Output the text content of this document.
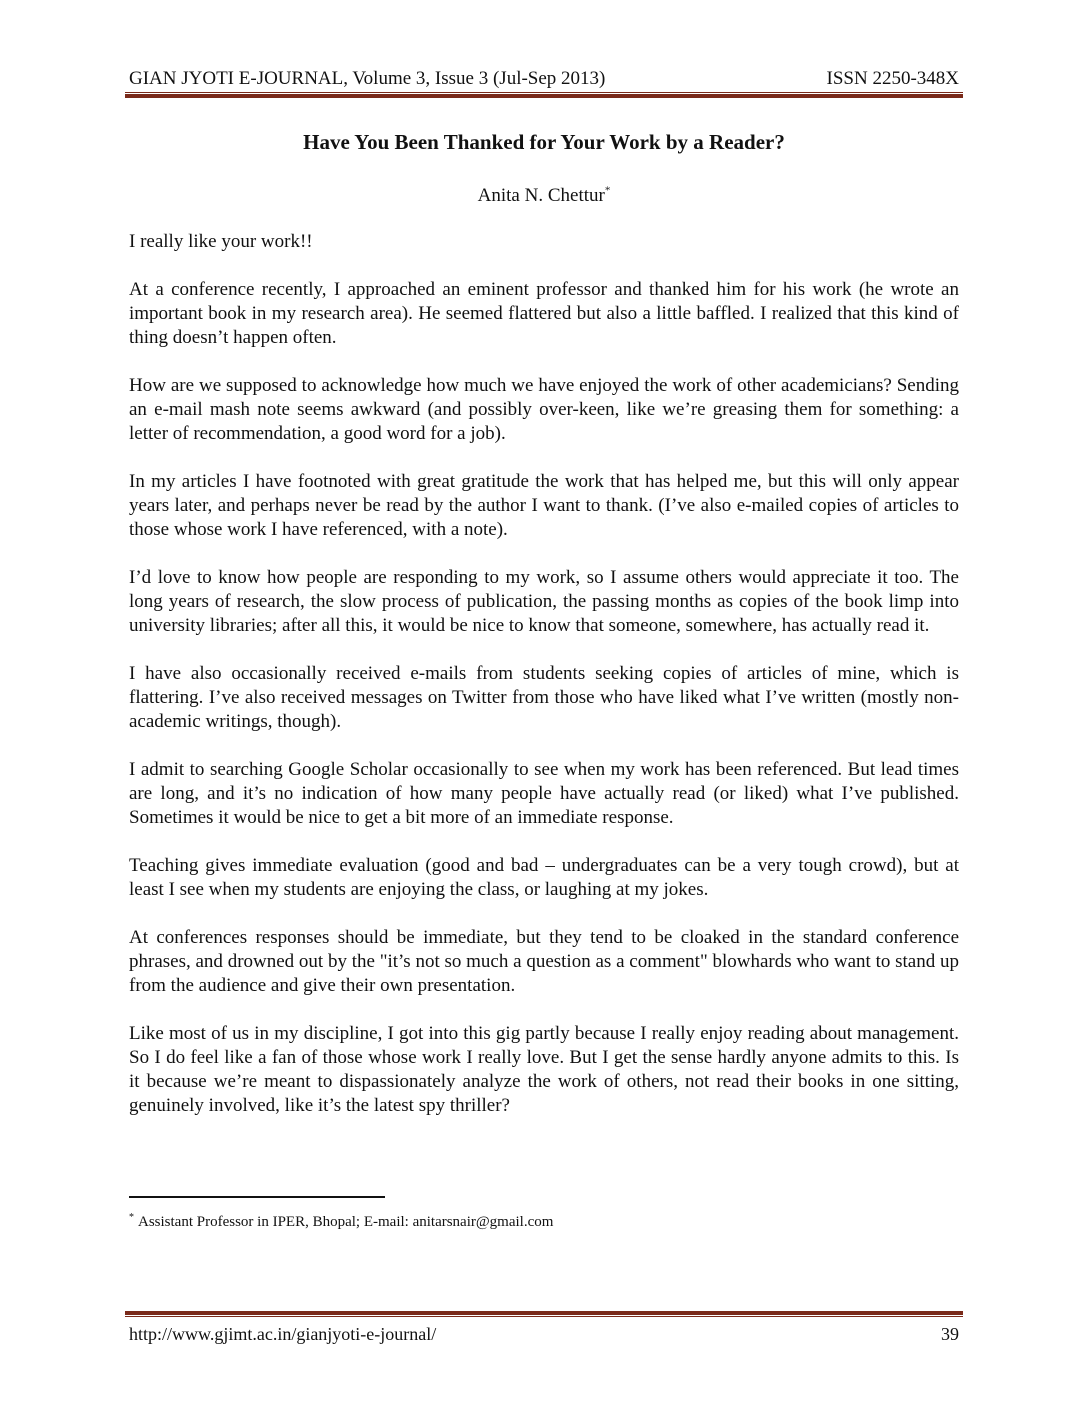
GIAN JYOTI E-JOURNAL, Volume 3, Issue 3 (Jul-Sep 2013)	ISSN 2250-348X
Have You Been Thanked for Your Work by a Reader?
Anita N. Chettur*

I really like your work!!

At a conference recently, I approached an eminent professor and thanked him for his work (he wrote an important book in my research area). He seemed flattered but also a little baffled. I realized that this kind of thing doesn’t happen often.

How are we supposed to acknowledge how much we have enjoyed the work of other academicians? Sending an e-mail mash note seems awkward (and possibly over-keen, like we’re greasing them for something: a letter of recommendation, a good word for a job).

In my articles I have footnoted with great gratitude the work that has helped me, but this will only appear years later, and perhaps never be read by the author I want to thank. (I’ve also e-mailed copies of articles to those whose work I have referenced, with a note).

I’d love to know how people are responding to my work, so I assume others would appreciate it too. The long years of research, the slow process of publication, the passing months as copies of the book limp into university libraries; after all this, it would be nice to know that someone, somewhere, has actually read it.

I have also occasionally received e-mails from students seeking copies of articles of mine, which is flattering. I’ve also received messages on Twitter from those who have liked what I’ve written (mostly non-academic writings, though).

I admit to searching Google Scholar occasionally to see when my work has been referenced. But lead times are long, and it’s no indication of how many people have actually read (or liked) what I’ve published. Sometimes it would be nice to get a bit more of an immediate response.

Teaching gives immediate evaluation (good and bad – undergraduates can be a very tough crowd), but at least I see when my students are enjoying the class, or laughing at my jokes.

At conferences responses should be immediate, but they tend to be cloaked in the standard conference phrases, and drowned out by the "it’s not so much a question as a comment" blowhards who want to stand up from the audience and give their own presentation.

Like most of us in my discipline, I got into this gig partly because I really enjoy reading about management. So I do feel like a fan of those whose work I really love. But I get the sense hardly anyone admits to this. Is it because we’re meant to dispassionately analyze the work of others, not read their books in one sitting, genuinely involved, like it’s the latest spy thriller?

* Assistant Professor in IPER, Bhopal; E-mail: anitarsnair@gmail.com
http://www.gjimt.ac.in/gianjyoti-e-journal/	39
